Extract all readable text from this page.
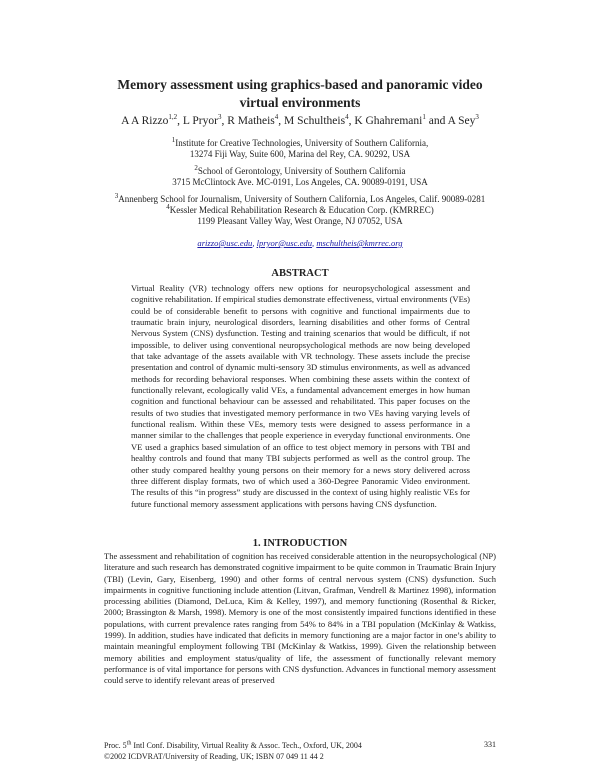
Memory assessment using graphics-based and panoramic video
virtual environments
A A Rizzo$^{1,2}$, L Pryor$^3$, R Matheis$^4$, M Schultheis$^4$, K Ghahremani$^1$ and A Sey$^3$
$^1$Institute for Creative Technologies, University of Southern California,
13274 Fiji Way, Suite 600, Marina del Rey, CA. 90292, USA
$^2$School of Gerontology, University of Southern California
3715 McClintock Ave. MC-0191, Los Angeles, CA. 90089-0191, USA
$^3$Annenberg School for Journalism, University of Southern California, Los Angeles, Calif. 90089-0281
$^4$Kessler Medical Rehabilitation Research & Education Corp. (KMRREC)
1199 Pleasant Valley Way, West Orange, NJ 07052, USA
arizzo@usc.edu, lpryor@usc.edu, mschultheis@kmrrec.org
ABSTRACT

Virtual Reality (VR) technology offers new options for neuropsychological assessment and cognitive rehabilitation. If empirical studies demonstrate effectiveness, virtual environments (VEs) could be of considerable benefit to persons with cognitive and functional impairments due to traumatic brain injury, neurological disorders, learning disabilities and other forms of Central Nervous System (CNS) dysfunction. Testing and training scenarios that would be difficult, if not impossible, to deliver using conventional neuropsychological methods are now being developed that take advantage of the assets available with VR technology. These assets include the precise presentation and control of dynamic multi-sensory 3D stimulus environments, as well as advanced methods for recording behavioral responses. When combining these assets within the context of functionally relevant, ecologically valid VEs, a fundamental advancement emerges in how human cognition and functional behaviour can be assessed and rehabilitated. This paper focuses on the results of two studies that investigated memory performance in two VEs having varying levels of functional realism. Within these VEs, memory tests were designed to assess performance in a manner similar to the challenges that people experience in everyday functional environments. One VE used a graphics based simulation of an office to test object memory in persons with TBI and healthy controls and found that many TBI subjects performed as well as the control group. The other study compared healthy young persons on their memory for a news story delivered across three different display formats, two of which used a 360-Degree Panoramic Video environment. The results of this “in progress” study are discussed in the context of using highly realistic VEs for future functional memory assessment applications with persons having CNS dysfunction.

1. INTRODUCTION

The assessment and rehabilitation of cognition has received considerable attention in the neuropsychological (NP) literature and such research has demonstrated cognitive impairment to be quite common in Traumatic Brain Injury (TBI) (Levin, Gary, Eisenberg, 1990) and other forms of central nervous system (CNS) dysfunction. Such impairments in cognitive functioning include attention (Litvan, Grafman, Vendrell & Martinez 1998), information processing abilities (Diamond, DeLuca, Kim & Kelley, 1997), and memory functioning (Rosenthal & Ricker, 2000; Brassington & Marsh, 1998). Memory is one of the most consistently impaired functions identified in these populations, with current prevalence rates ranging from 54% to 84% in a TBI population (McKinlay & Watkiss, 1999). In addition, studies have indicated that deficits in memory functioning are a major factor in one’s ability to maintain meaningful employment following TBI (McKinlay & Watkiss, 1999). Given the relationship between memory abilities and employment status/quality of life, the assessment of functionally relevant memory performance is of vital importance for persons with CNS dysfunction. Advances in functional memory assessment could serve to identify relevant areas of preserved

Proc. 5th Intl Conf. Disability, Virtual Reality & Assoc. Tech., Oxford, UK, 2004
©2002 ICDVRAT/University of Reading, UK; ISBN 07 049 11 44 2
331
